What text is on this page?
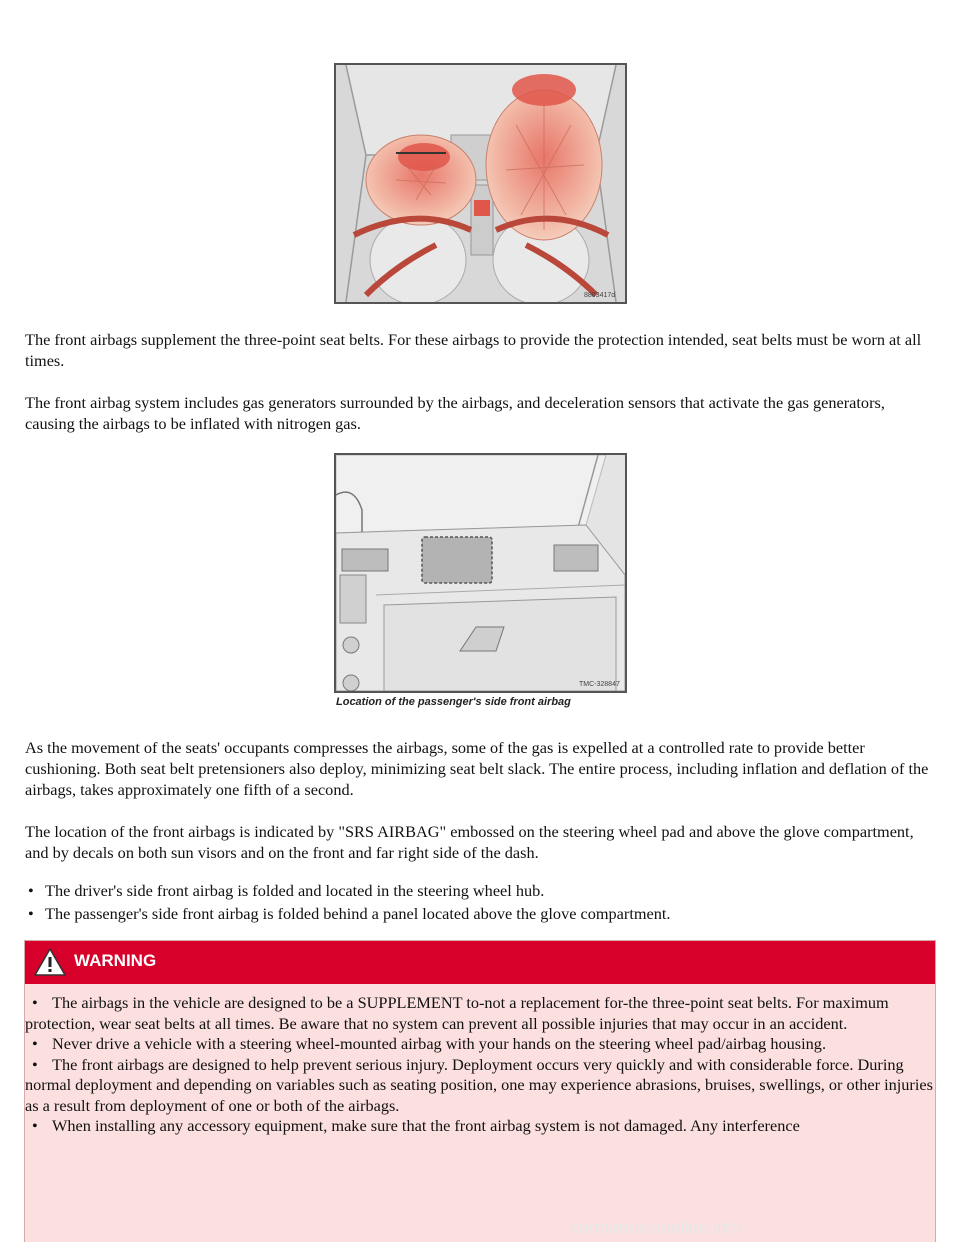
8803417d

The front airbags supplement the three-point seat belts. For these airbags to provide the protection intended, seat belts must be worn at all times.

The front airbag system includes gas generators surrounded by the airbags, and deceleration sensors that activate the gas generators, causing the airbags to be inflated with nitrogen gas.

TMC-328847
Location of the passenger's side front airbag

As the movement of the seats' occupants compresses the airbags, some of the gas is expelled at a controlled rate to provide better cushioning. Both seat belt pretensioners also deploy, minimizing seat belt slack. The entire process, including inflation and deflation of the airbags, takes approximately one fifth of a second.

The location of the front airbags is indicated by "SRS AIRBAG" embossed on the steering wheel pad and above the glove compartment, and by decals on both sun visors and on the front and far right side of the dash.

• The driver's side front airbag is folded and located in the steering wheel hub.
• The passenger's side front airbag is folded behind a panel located above the glove compartment.
WARNING
• The airbags in the vehicle are designed to be a SUPPLEMENT to-not a replacement for-the three-point seat belts. For maximum protection, wear seat belts at all times. Be aware that no system can prevent all possible injuries that may occur in an accident.
• Never drive a vehicle with a steering wheel-mounted airbag with your hands on the steering wheel pad/airbag housing.
• The front airbags are designed to help prevent serious injury. Deployment occurs very quickly and with considerable force. During normal deployment and depending on variables such as seating position, one may experience abrasions, bruises, swellings, or other injuries as a result from deployment of one or both of the airbags.
• When installing any accessory equipment, make sure that the front airbag system is not damaged. Any interference
carmanualsonline.info
